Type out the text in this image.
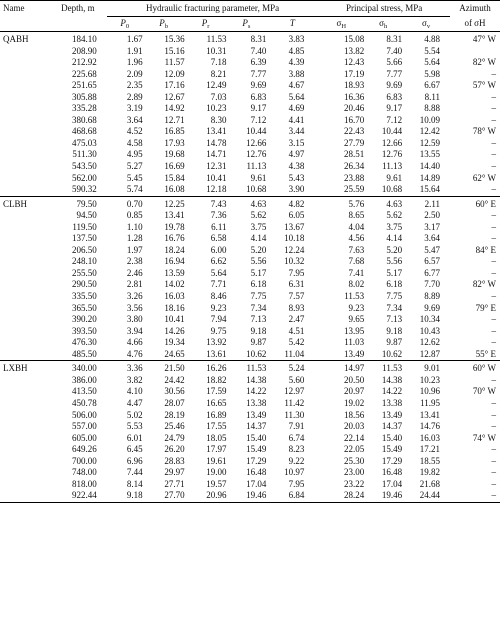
Name	Depth, m	Hydraulic fracturing parameter, MPa					Principal stress, MPa			Azimuth
		$P_0$	$P_b$	$P_r$	$P_s$	T	$\sigma_H$	$\sigma_h$	$\sigma_v$	of σH
QABH	184.10	1.67	15.36	11.53	8.31	3.83	15.08	8.31	4.88	47° W
	208.90	1.91	15.16	10.31	7.40	4.85	13.82	7.40	5.54	
	212.92	1.96	11.57	7.18	6.39	4.39	12.43	5.66	5.64	82° W
	225.68	2.09	12.09	8.21	7.77	3.88	17.19	7.77	5.98	–
	251.65	2.35	17.16	12.49	9.69	4.67	18.93	9.69	6.67	57° W
	305.88	2.89	12.67	7.03	6.83	5.64	16.36	6.83	8.11	–
	335.28	3.19	14.92	10.23	9.17	4.69	20.46	9.17	8.88	–
	380.68	3.64	12.71	8.30	7.12	4.41	16.70	7.12	10.09	–
	468.68	4.52	16.85	13.41	10.44	3.44	22.43	10.44	12.42	78° W
	475.03	4.58	17.93	14.78	12.66	3.15	27.79	12.66	12.59	–
	511.30	4.95	19.68	14.71	12.76	4.97	28.51	12.76	13.55	–
	543.50	5.27	16.69	12.31	11.13	4.38	26.34	11.13	14.40	–
	562.00	5.45	15.84	10.41	9.61	5.43	23.88	9.61	14.89	62° W
	590.32	5.74	16.08	12.18	10.68	3.90	25.59	10.68	15.64	–
CLBH	79.50	0.70	12.25	7.43	4.63	4.82	5.76	4.63	2.11	60° E
	94.50	0.85	13.41	7.36	5.62	6.05	8.65	5.62	2.50	–
	119.50	1.10	19.78	6.11	3.75	13.67	4.04	3.75	3.17	–
	137.50	1.28	16.76	6.58	4.14	10.18	4.56	4.14	3.64	–
	206.50	1.97	18.24	6.00	5.20	12.24	7.63	5.20	5.47	84° E
	248.10	2.38	16.94	6.62	5.56	10.32	7.68	5.56	6.57	–
	255.50	2.46	13.59	5.64	5.17	7.95	7.41	5.17	6.77	–
	290.50	2.81	14.02	7.71	6.18	6.31	8.02	6.18	7.70	82° W
	335.50	3.26	16.03	8.46	7.75	7.57	11.53	7.75	8.89	–
	365.50	3.56	18.16	9.23	7.34	8.93	9.23	7.34	9.69	79° E
	390.20	3.80	10.41	7.94	7.13	2.47	9.65	7.13	10.34	–
	393.50	3.94	14.26	9.75	9.18	4.51	13.95	9.18	10.43	–
	476.30	4.66	19.34	13.92	9.87	5.42	11.03	9.87	12.62	–
	485.50	4.76	24.65	13.61	10.62	11.04	13.49	10.62	12.87	55° E
LXBH	340.00	3.36	21.50	16.26	11.53	5.24	14.97	11.53	9.01	60° W
	386.00	3.82	24.42	18.82	14.38	5.60	20.50	14.38	10.23	–
	413.50	4.10	30.56	17.59	14.22	12.97	20.97	14.22	10.96	70° W
	450.78	4.47	28.07	16.65	13.38	11.42	19.02	13.38	11.95	–
	506.00	5.02	28.19	16.89	13.49	11.30	18.56	13.49	13.41	–
	557.00	5.53	25.46	17.55	14.37	7.91	20.03	14.37	14.76	–
	605.00	6.01	24.79	18.05	15.40	6.74	22.14	15.40	16.03	74° W
	649.26	6.45	26.20	17.97	15.49	8.23	22.05	15.49	17.21	–
	700.00	6.96	28.83	19.61	17.29	9.22	25.30	17.29	18.55	–
	748.00	7.44	29.97	19.00	16.48	10.97	23.00	16.48	19.82	–
	818.00	8.14	27.71	19.57	17.04	7.95	23.22	17.04	21.68	–
	922.44	9.18	27.70	20.96	19.46	6.84	28.24	19.46	24.44	–
